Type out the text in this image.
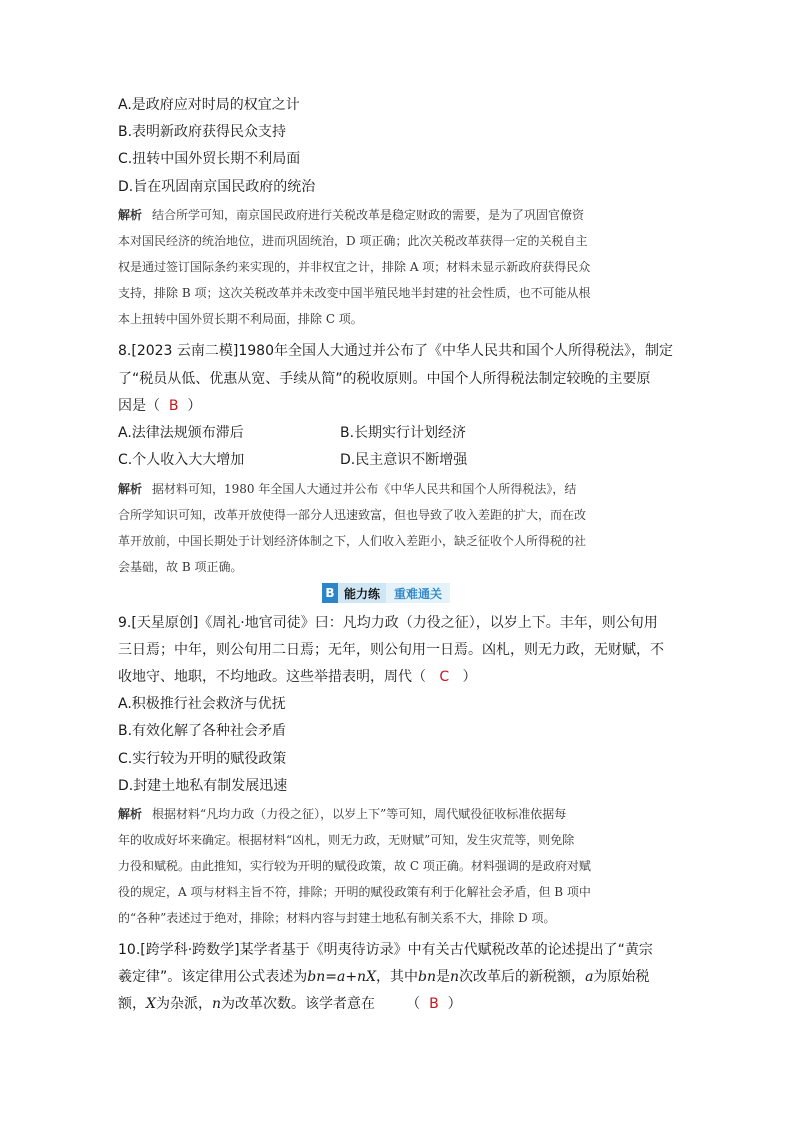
A.是政府应对时局的权宜之计
B.表明新政府获得民众支持
C.扭转中国外贸长期不利局面
D.旨在巩固南京国民政府的统治
解析 结合所学可知，南京国民政府进行关税改革是稳定财政的需要，是为了巩固官僚资
本对国民经济的统治地位，进而巩固统治，D 项正确；此次关税改革获得一定的关税自主
权是通过签订国际条约来实现的，并非权宜之计，排除 A 项；材料未显示新政府获得民众
支持，排除 B 项；这次关税改革并未改变中国半殖民地半封建的社会性质，也不可能从根
本上扭转中国外贸长期不利局面，排除 C 项。
8.[2023 云南二模]1980年全国人大通过并公布了《中华人民共和国个人所得税法》，制定
了“税员从低、优惠从宽、手续从简”的税收原则。中国个人所得税法制定较晚的主要原
因是（ B ）
A.法律法规颁布滞后	B.长期实行计划经济
C.个人收入大大增加	D.民主意识不断增强
解析 据材料可知，1980 年全国人大通过并公布《中华人民共和国个人所得税法》，结
合所学知识可知，改革开放使得一部分人迅速致富，但也导致了收入差距的扩大，而在改
革开放前，中国长期处于计划经济体制之下，人们收入差距小，缺乏征收个人所得税的社
会基础，故 B 项正确。
B 能力练	重难通关
9.[天星原创]《周礼·地官司徒》曰：凡均力政（力役之征），以岁上下。丰年，则公旬用
三日焉；中年，则公旬用二日焉；无年，则公旬用一日焉。凶札，则无力政，无财赋，不
收地守、地职，不均地政。这些举措表明，周代（ C ）
A.积极推行社会救济与优抚
B.有效化解了各种社会矛盾
C.实行较为开明的赋役政策
D.封建土地私有制发展迅速
解析 根据材料“凡均力政（力役之征），以岁上下”等可知，周代赋役征收标准依据每
年的收成好坏来确定。根据材料“凶札，则无力政，无财赋”可知，发生灾荒等，则免除
力役和赋税。由此推知，实行较为开明的赋役政策，故 C 项正确。材料强调的是政府对赋
役的规定，A 项与材料主旨不符，排除；开明的赋役政策有利于化解社会矛盾，但 B 项中
的“各种”表述过于绝对，排除；材料内容与封建土地私有制关系不大，排除 D 项。
10.[跨学科·跨数学]某学者基于《明夷待访录》中有关古代赋税改革的论述提出了“黄宗
羲定律”。该定律用公式表述为bn=a+nX，其中bn是n次改革后的新税额，a为原始税
额，X为杂派，n为改革次数。该学者意在 （ B ）
